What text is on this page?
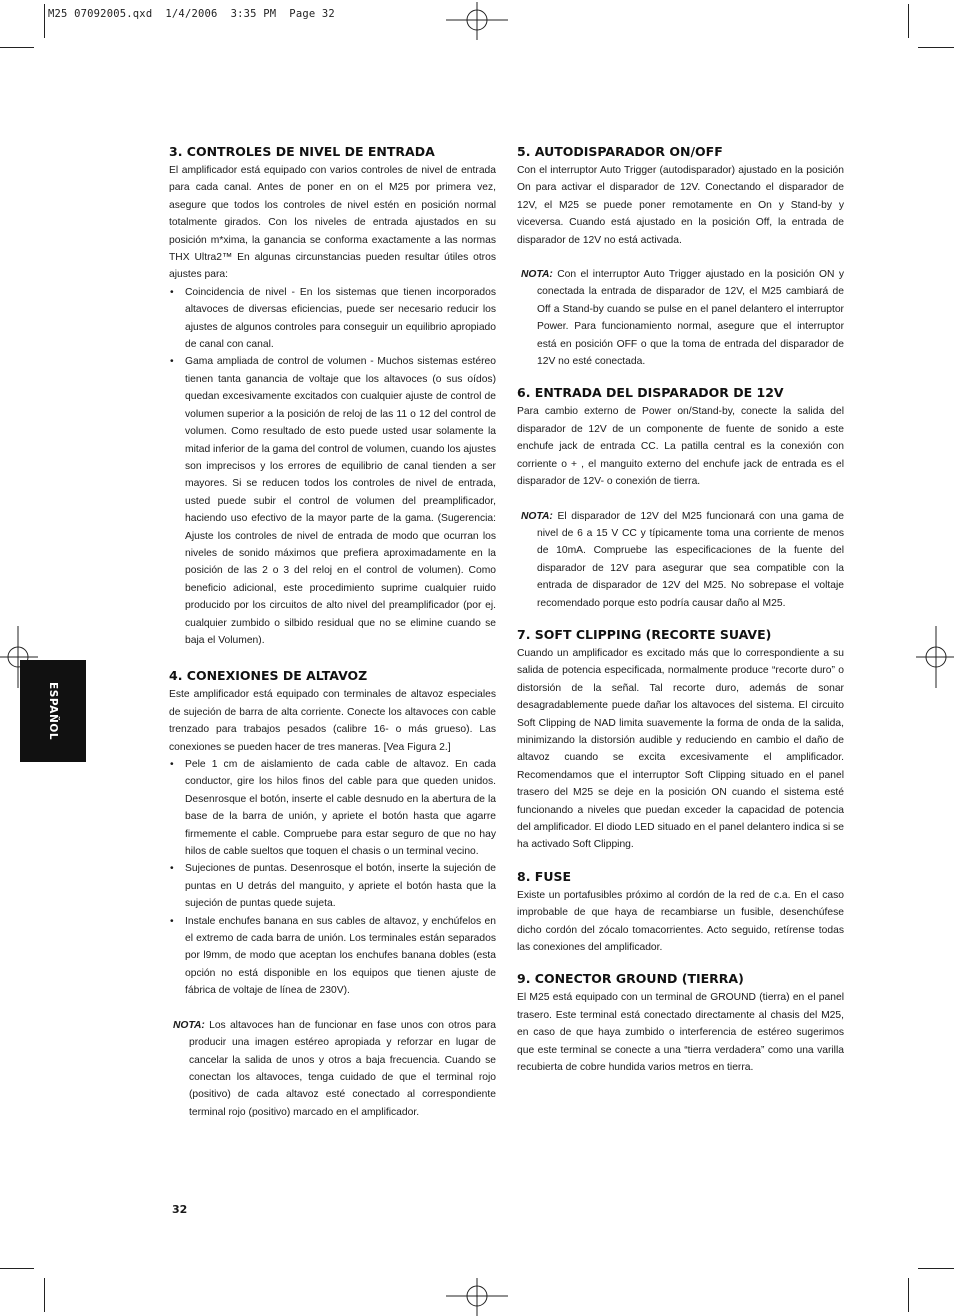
M25 07092005.qxd  1/4/2006  3:35 PM  Page 32
ESPAÑOL
3. CONTROLES DE NIVEL DE ENTRADA

El amplificador está equipado con varios controles de nivel de entrada para cada canal. Antes de poner en on el M25 por primera vez, asegure que todos los controles de nivel estén en posición normal totalmente girados. Con los niveles de entrada ajustados en su posición m*xima, la ganancia se conforma exactamente a las normas THX Ultra2™ En algunas circunstancias pueden resultar útiles otros ajustes para:

• Coincidencia de nivel - En los sistemas que tienen incorporados altavoces de diversas eficiencias, puede ser necesario reducir los ajustes de algunos controles para conseguir un equilibrio apropiado de canal con canal.
• Gama ampliada de control de volumen - Muchos sistemas estéreo tienen tanta ganancia de voltaje que los altavoces (o sus oídos) quedan excesivamente excitados con cualquier ajuste de control de volumen superior a la posición de reloj de las 11 o 12 del control de volumen. Como resultado de esto puede usted usar solamente la mitad inferior de la gama del control de volumen, cuando los ajustes son imprecisos y los errores de equilibrio de canal tienden a ser mayores. Si se reducen todos los controles de nivel de entrada, usted puede subir el control de volumen del preamplificador, haciendo uso efectivo de la mayor parte de la gama. (Sugerencia: Ajuste los controles de nivel de entrada de modo que ocurran los niveles de sonido máximos que prefiera aproximadamente en la posición de las 2 o 3 del reloj en el control de volumen). Como beneficio adicional, este procedimiento suprime cualquier ruido producido por los circuitos de alto nivel del preamplificador (por ej. cualquier zumbido o silbido residual que no se elimine cuando se baja el Volumen).
4. CONEXIONES DE ALTAVOZ

Este amplificador está equipado con terminales de altavoz especiales de sujeción de barra de alta corriente. Conecte los altavoces con cable trenzado para trabajos pesados (calibre 16- o más grueso). Las conexiones se pueden hacer de tres maneras. [Vea Figura 2.]

• Pele 1 cm de aislamiento de cada cable de altavoz. En cada conductor, gire los hilos finos del cable para que queden unidos. Desenrosque el botón, inserte el cable desnudo en la abertura de la base de la barra de unión, y apriete el botón hasta que agarre firmemente el cable. Compruebe para estar seguro de que no hay hilos de cable sueltos que toquen el chasis o un terminal vecino.
• Sujeciones de puntas. Desenrosque el botón, inserte la sujeción de puntas en U detrás del manguito, y apriete el botón hasta que la sujeción de puntas quede sujeta.
• Instale enchufes banana en sus cables de altavoz, y enchúfelos en el extremo de cada barra de unión. Los terminales están separados por l9mm, de modo que aceptan los enchufes banana dobles (esta opción no está disponible en los equipos que tienen ajuste de fábrica de voltaje de línea de 230V).

NOTA: Los altavoces han de funcionar en fase unos con otros para producir una imagen estéreo apropiada y reforzar en lugar de cancelar la salida de unos y otros a baja frecuencia. Cuando se conectan los altavoces, tenga cuidado de que el terminal rojo (positivo) de cada altavoz esté conectado al correspondiente terminal rojo (positivo) marcado en el amplificador.

5. AUTODISPARADOR ON/OFF

Con el interruptor Auto Trigger (autodisparador) ajustado en la posición On para activar el disparador de 12V. Conectando el disparador de 12V, el M25 se puede poner remotamente en On y Stand-by y viceversa. Cuando está ajustado en la posición Off, la entrada de disparador de 12V no está activada.

NOTA: Con el interruptor Auto Trigger ajustado en la posición ON y conectada la entrada de disparador de 12V, el M25 cambiará de Off a Stand-by cuando se pulse en el panel delantero el interruptor Power. Para funcionamiento normal, asegure que el interruptor está en posición OFF o que la toma de entrada del disparador de 12V no esté conectada.

6. ENTRADA DEL DISPARADOR DE 12V

Para cambio externo de Power on/Stand-by, conecte la salida del disparador de 12V de un componente de fuente de sonido a este enchufe jack de entrada CC. La patilla central es la conexión con corriente o + , el manguito externo del enchufe jack de entrada es el disparador de 12V- o conexión de tierra.

NOTA: El disparador de 12V del M25 funcionará con una gama de nivel de 6 a 15 V CC y típicamente toma una corriente de menos de 10mA. Compruebe las especificaciones de la fuente del disparador de 12V para asegurar que sea compatible con la entrada de disparador de 12V del M25. No sobrepase el voltaje recomendado porque esto podría causar daño al M25.

7. SOFT CLIPPING (RECORTE SUAVE)

Cuando un amplificador es excitado más que lo correspondiente a su salida de potencia especificada, normalmente produce “recorte duro” o distorsión de la señal. Tal recorte duro, además de sonar desagradablemente puede dañar los altavoces del sistema. El circuito Soft Clipping de NAD limita suavemente la forma de onda de la salida, minimizando la distorsión audible y reduciendo en cambio el daño de altavoz cuando se excita excesivamente el amplificador. Recomendamos que el interruptor Soft Clipping situado en el panel trasero del M25 se deje en la posición ON cuando el sistema esté funcionando a niveles que puedan exceder la capacidad de potencia del amplificador. El diodo LED situado en el panel delantero indica si se ha activado Soft Clipping.

8. FUSE

Existe un portafusibles próximo al cordón de la red de c.a. En el caso improbable de que haya de recambiarse un fusible, desenchúfese dicho cordón del zócalo tomacorrientes. Acto seguido, retírense todas las conexiones del amplificador.

9. CONECTOR GROUND (TIERRA)

El M25 está equipado con un terminal de GROUND (tierra) en el panel trasero. Este terminal está conectado directamente al chasis del M25, en caso de que haya zumbido o interferencia de estéreo sugerimos que este terminal se conecte a una “tierra verdadera” como una varilla recubierta de cobre hundida varios metros en tierra.

32
